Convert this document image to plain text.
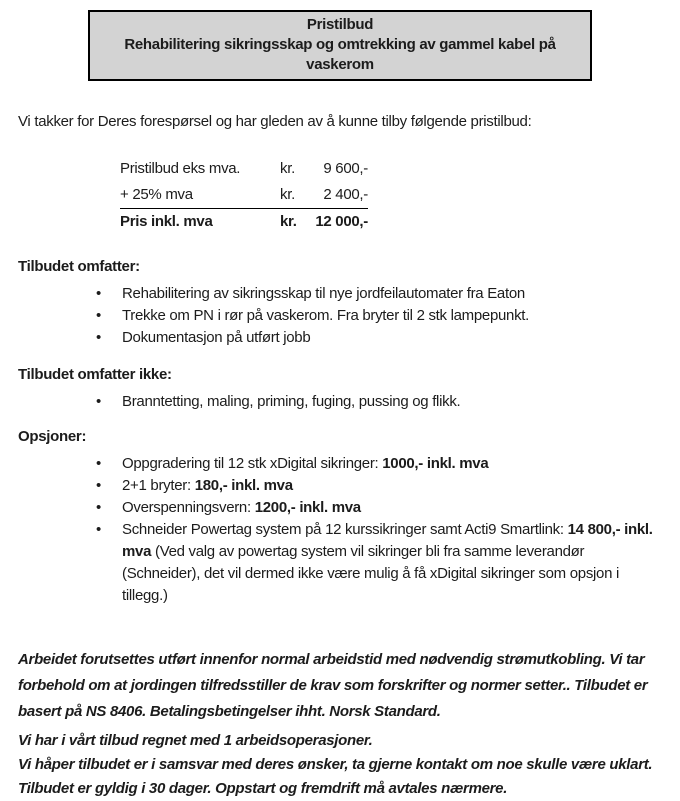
Pristilbud
Rehabilitering sikringsskap og omtrekking av gammel kabel på vaskerom

Vi takker for Deres forespørsel og har gleden av å kunne tilby følgende pristilbud:

Pristilbud eks mva.	kr.	9 600,-
+ 25% mva	kr.	2 400,-
Pris inkl. mva	kr.	12 000,-
Tilbudet omfatter:
• Rehabilitering av sikringsskap til nye jordfeilautomater fra Eaton
• Trekke om PN i rør på vaskerom. Fra bryter til 2 stk lampepunkt.
• Dokumentasjon på utført jobb
Tilbudet omfatter ikke:
• Branntetting, maling, priming, fuging, pussing og flikk.
Opsjoner:
• Oppgradering til 12 stk xDigital sikringer: 1000,- inkl. mva
• 2+1 bryter: 180,- inkl. mva
• Overspenningsvern: 1200,- inkl. mva
• Schneider Powertag system på 12 kurssikringer samt Acti9 Smartlink: 14 800,- inkl. mva (Ved valg av powertag system vil sikringer bli fra samme leverandør (Schneider), det vil dermed ikke være mulig å få xDigital sikringer som opsjon i tillegg.)

Arbeidet forutsettes utført innenfor normal arbeidstid med nødvendig strømutkobling. Vi tar forbehold om at jordingen tilfredsstiller de krav som forskrifter og normer setter.. Tilbudet er basert på NS 8406. Betalingsbetingelser ihht. Norsk Standard.

Vi har i vårt tilbud regnet med 1 arbeidsoperasjoner.

Vi håper tilbudet er i samsvar med deres ønsker, ta gjerne kontakt om noe skulle være uklart.

Tilbudet er gyldig i 30 dager. Oppstart og fremdrift må avtales nærmere.
